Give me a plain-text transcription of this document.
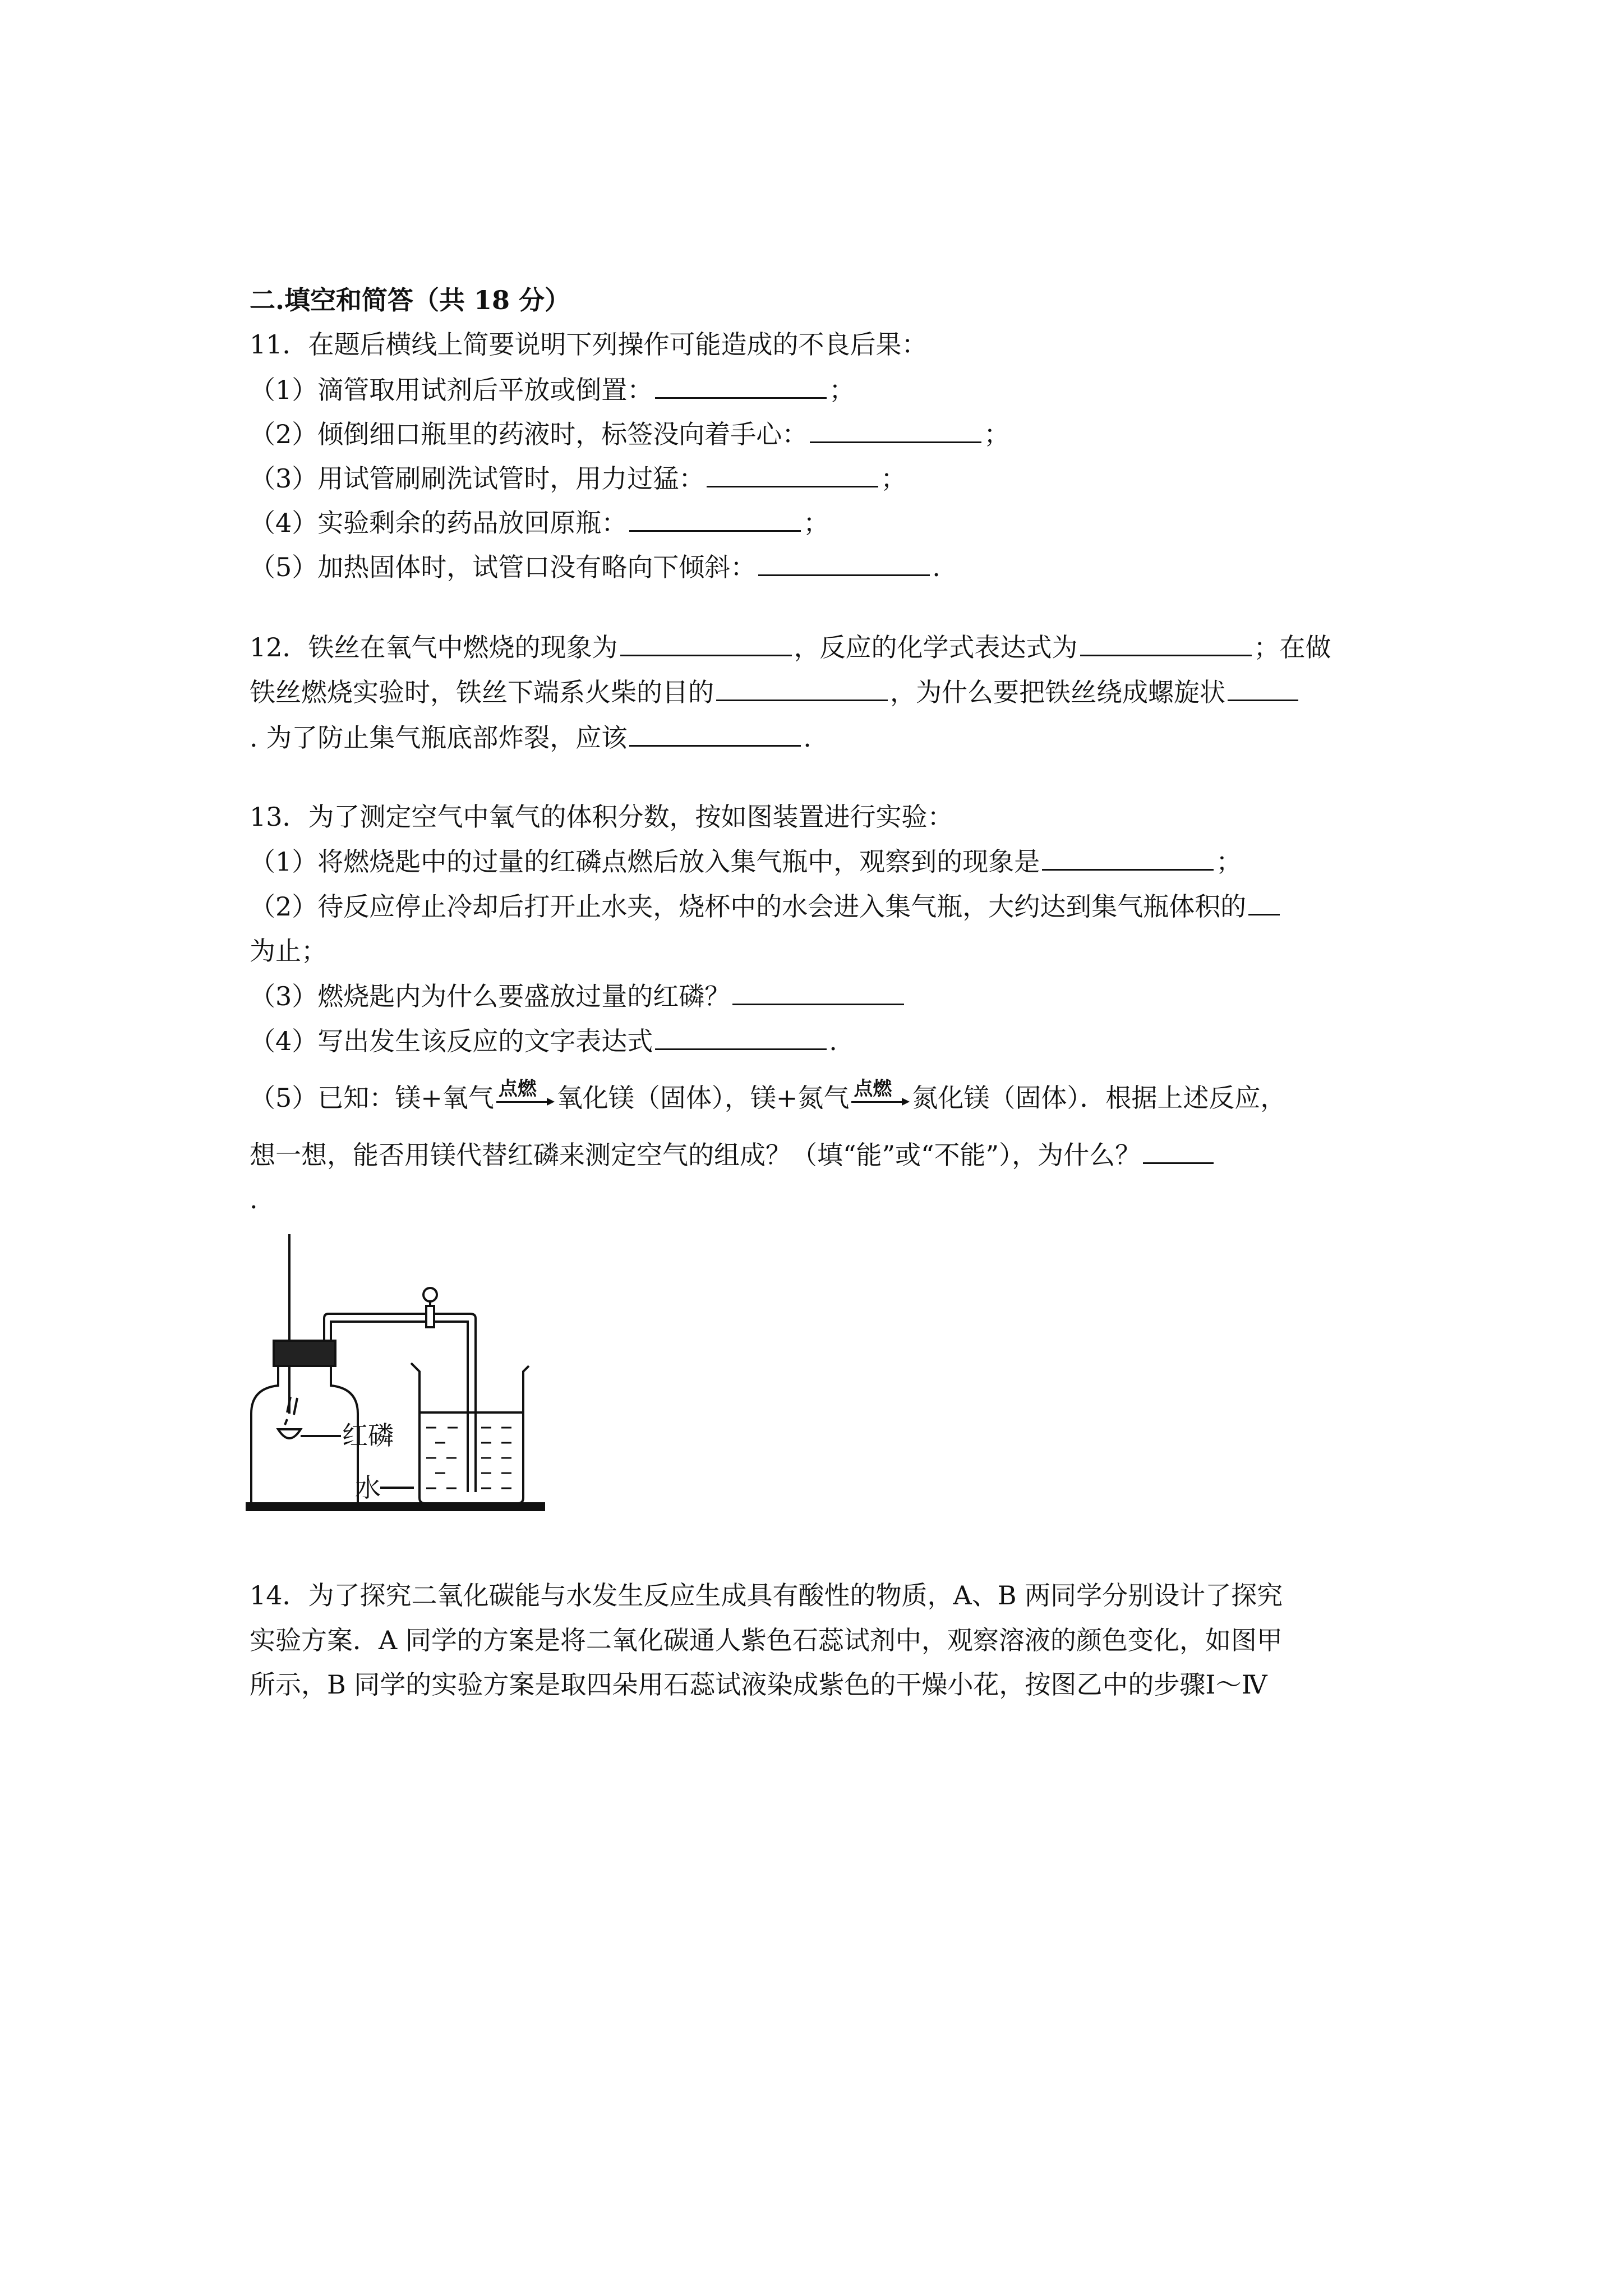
二.填空和简答（共 18 分）
11．在题后横线上简要说明下列操作可能造成的不良后果：
（1）滴管取用试剂后平放或倒置：	；
（2）倾倒细口瓶里的药液时，标签没向着手心：	；
（3）用试管刷刷洗试管时，用力过猛：	；
（4）实验剩余的药品放回原瓶：	；
（5）加热固体时，试管口没有略向下倾斜：	.
12．铁丝在氧气中燃烧的现象为	，反应的化学式表达式为	；在做
铁丝燃烧实验时，铁丝下端系火柴的目的	，为什么要把铁丝绕成螺旋状
. 为了防止集气瓶底部炸裂，应该	.
13．为了测定空气中氧气的体积分数，按如图装置进行实验：
（1）将燃烧匙中的过量的红磷点燃后放入集气瓶中，观察到的现象是	；
（2）待反应停止冷却后打开止水夹，烧杯中的水会进入集气瓶，大约达到集气瓶体积的
为止；
（3）燃烧匙内为什么要盛放过量的红磷？
（4）写出发生该反应的文字表达式	.
（5）已知：镁+氧气 点燃 氧化镁（固体），镁+氮气 点燃 氮化镁（固体）．根据上述反应，
想一想，能否用镁代替红磷来测定空气的组成？（填“能”或“不能”），为什么？
.
红磷
水
14．为了探究二氧化碳能与水发生反应生成具有酸性的物质，A、B 两同学分别设计了探究
实验方案．A 同学的方案是将二氧化碳通人紫色石蕊试剂中，观察溶液的颜色变化，如图甲
所示，B 同学的实验方案是取四朵用石蕊试液染成紫色的干燥小花，按图乙中的步骤Ⅰ～Ⅳ
